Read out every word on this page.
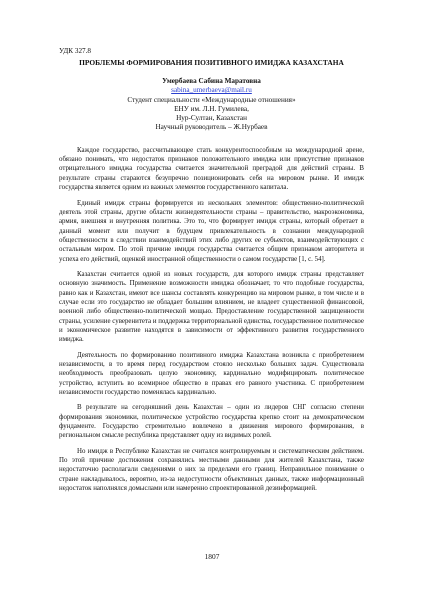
УДК 327.8

ПРОБЛЕМЫ ФОРМИРОВАНИЯ ПОЗИТИВНОГО ИМИДЖА КАЗАХСТАНА

Умербаева Сабина Маратовна
sabina_umerbaeva@mail.ru
Студент специальности «Международные отношения»
ЕНУ им. Л.Н. Гумилева,
Нур-Султан, Казахстан
Научный руководитель – Ж.Нурбаев

Каждое государство, рассчитывающее стать конкурентоспособным на международной арене, обязано понимать, что недостаток признаков положительного имиджа или присутствие признаков отрицательного имиджа государства считается значительной преградой для действий страны. В результате страны стараются безупречно позиционировать себя на мировом рынке. И имидж государства является одним из важных элементов государственного капитала.

Единый имидж страны формируется из нескольких элементов: общественно-политической деятель этой страны, другие области жизнедеятельности страны – правительство, макроэкономика, армия, внешняя и внутренняя политика. Это то, что формирует имидж страны, который обретает в данный момент или получит в будущем привлекательность в сознании международной общественности в следствии взаимодействий этих либо других ее субъектов, взаимодействующих с остальным миром. По этой причине имидж государства считается общим признаком авторитета и успеха его действий, оценкой иностранной общественности о самом государстве [1, с. 54].

Казахстан считается одной из новых государств, для которого имидж страны представляет основную значимость. Применение возможности имиджа обозначает, то что подобные государства, равно как и Казахстан, имеют все шансы составлять конкуренцию на мировом рынке, в том числе и в случае если это государство не обладает большим влиянием, не владеет существенной финансовой, военной либо общественно-политической мощью. Предоставление государственной защищенности страны, усиление суверенитета и поддержка территориальной единства, государственное политическое и экономическое развитие находятся в зависимости от эффективного развития государственного имиджа.

Деятельность по формированию позитивного имиджа Казахстана возникла с приобретением независимости, в то время перед государством стояло несколько больших задач. Существовала необходимость преобразовать целую экономику, кардинально модифицировать политическое устройство, вступить во всемирное общество в правах его равного участника. С приобретением независимости государство поменялась кардинально.

В результате на сегодняшний день Казахстан – один из лидеров СНГ согласно степени формирования экономики, политическое устройство государства крепко стоит на демократическом фундаменте. Государство стремительно вовлечено в движения мирового формирования, в региональном смысле республика представляет одну из видимых ролей.

Но имидж в Республике Казахстан не считался контролируемым и систематическим действием. По этой причине достижения сохранялись местными данными для жителей Казахстана, также недостаточно располагали сведениями о них за пределами его границ. Неправильное понимание о стране накладывалось, вероятно, из-за недоступности объективных данных, также информационный недостаток наполнялся домыслами или намеренно спроектированной дезинформацией.

1807
